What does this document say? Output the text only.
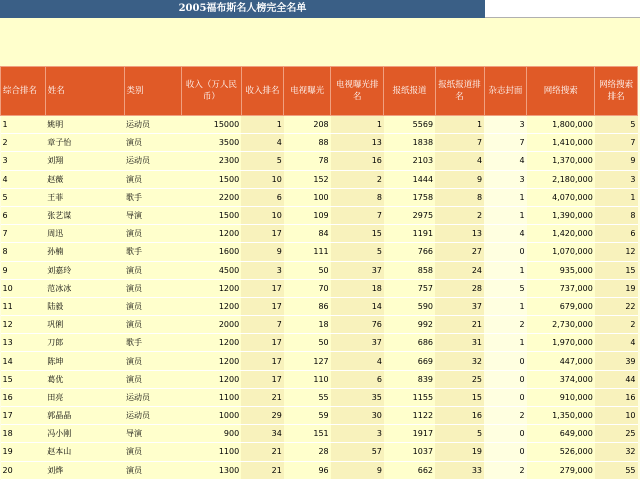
2005福布斯名人榜完全名单
综合排名	姓名	类别	收入（万人民币）	收入排名	电视曝光	电视曝光排名	报纸报道	报纸报道排名	杂志封面	网络搜索	网络搜索排名
1	姚明	运动员	15000	1	208	1	5569	1	3	1,800,000	5
2	章子怡	演员	3500	4	88	13	1838	7	7	1,410,000	7
3	刘翔	运动员	2300	5	78	16	2103	4	4	1,370,000	9
4	赵薇	演员	1500	10	152	2	1444	9	3	2,180,000	3
5	王菲	歌手	2200	6	100	8	1758	8	1	4,070,000	1
6	张艺谋	导演	1500	10	109	7	2975	2	1	1,390,000	8
7	周迅	演员	1200	17	84	15	1191	13	4	1,420,000	6
8	孙楠	歌手	1600	9	111	5	766	27	0	1,070,000	12
9	刘嘉玲	演员	4500	3	50	37	858	24	1	935,000	15
10	范冰冰	演员	1200	17	70	18	757	28	5	737,000	19
11	陆毅	演员	1200	17	86	14	590	37	1	679,000	22
12	巩俐	演员	2000	7	18	76	992	21	2	2,730,000	2
13	刀郎	歌手	1200	17	50	37	686	31	1	1,970,000	4
14	陈坤	演员	1200	17	127	4	669	32	0	447,000	39
15	葛优	演员	1200	17	110	6	839	25	0	374,000	44
16	田亮	运动员	1100	21	55	35	1155	15	0	910,000	16
17	郭晶晶	运动员	1000	29	59	30	1122	16	2	1,350,000	10
18	冯小刚	导演	900	34	151	3	1917	5	0	649,000	25
19	赵本山	演员	1100	21	28	57	1037	19	0	526,000	32
20	刘烨	演员	1300	21	96	9	662	33	2	279,000	55
